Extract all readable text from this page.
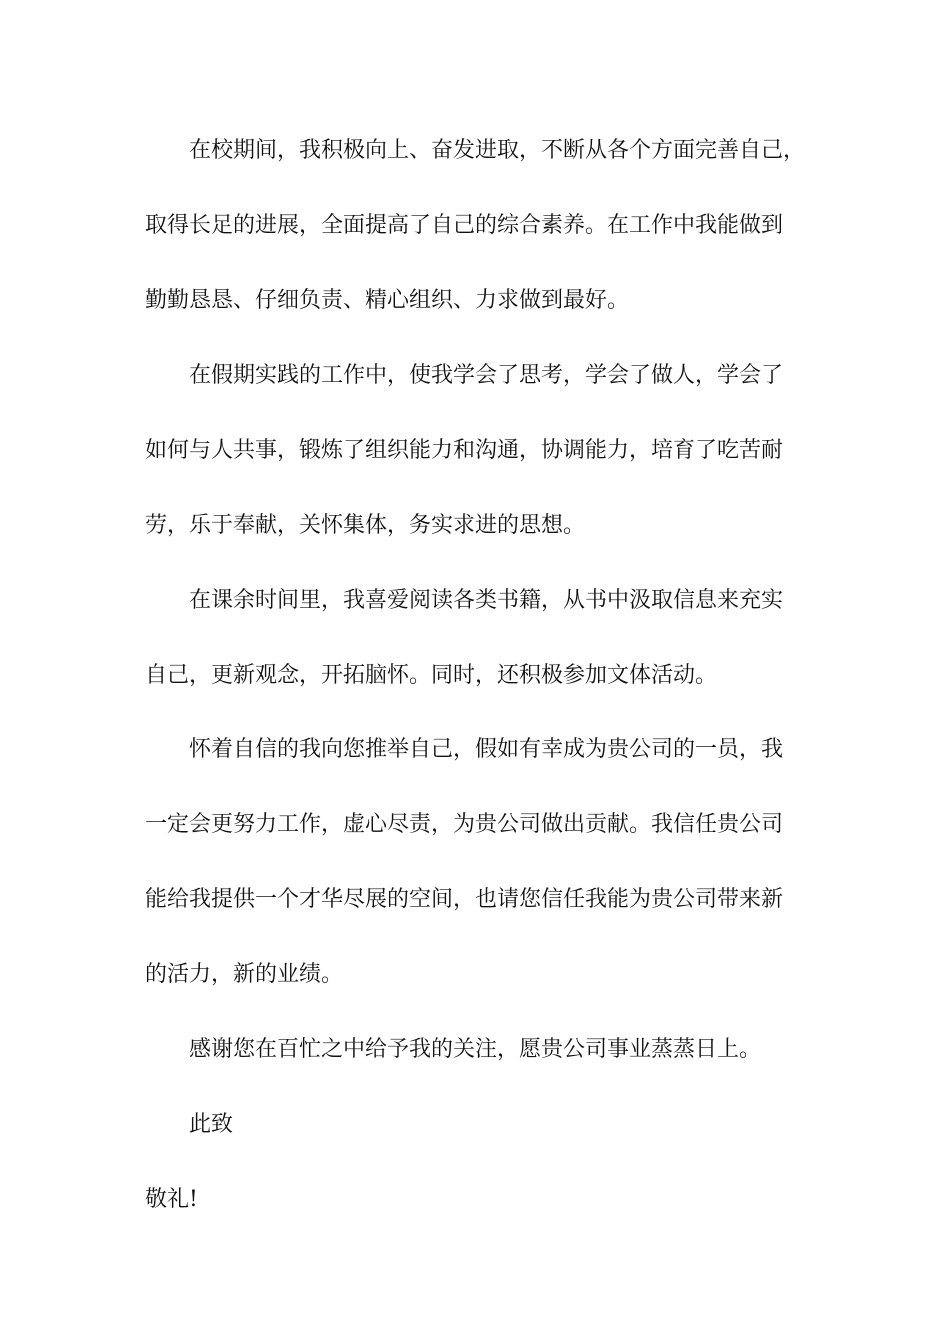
在校期间，我积极向上、奋发进取，不断从各个方面完善自己，

取得长足的进展，全面提高了自己的综合素养。在工作中我能做到

勤勤恳恳、仔细负责、精心组织、力求做到最好。

在假期实践的工作中，使我学会了思考，学会了做人，学会了

如何与人共事，锻炼了组织能力和沟通，协调能力，培育了吃苦耐

劳，乐于奉献，关怀集体，务实求进的思想。

在课余时间里，我喜爱阅读各类书籍，从书中汲取信息来充实

自己，更新观念，开拓脑怀。同时，还积极参加文体活动。

怀着自信的我向您推举自己，假如有幸成为贵公司的一员，我

一定会更努力工作，虚心尽责，为贵公司做出贡献。我信任贵公司

能给我提供一个才华尽展的空间，也请您信任我能为贵公司带来新

的活力，新的业绩。

感谢您在百忙之中给予我的关注，愿贵公司事业蒸蒸日上。

此致

敬礼!
